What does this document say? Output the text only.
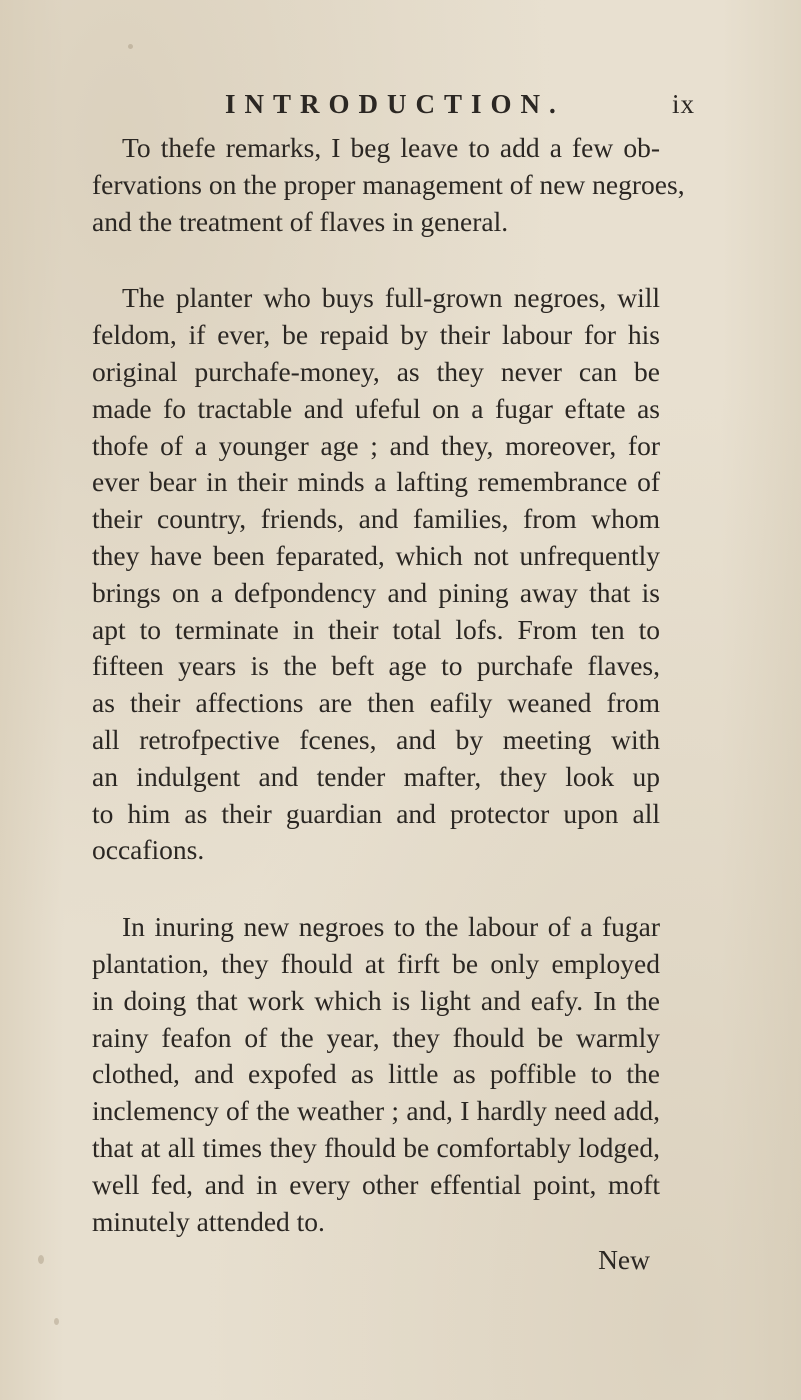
INTRODUCTION.	ix

To thefe remarks, I beg leave to add a few ob-
fervations on the proper management of new negroes,
and the treatment of flaves in general.

The planter who buys full-grown negroes, will
feldom, if ever, be repaid by their labour for his
original purchafe-money, as they never can be
made fo tractable and ufeful on a fugar eftate as
thofe of a younger age ; and they, moreover, for
ever bear in their minds a lafting remembrance of
their country, friends, and families, from whom
they have been feparated, which not unfrequently
brings on a defpondency and pining away that is
apt to terminate in their total lofs. From ten to
fifteen years is the beft age to purchafe flaves,
as their affections are then eafily weaned from
all retrofpective fcenes, and by meeting with
an indulgent and tender mafter, they look up
to him as their guardian and protector upon all
occafions.

In inuring new negroes to the labour of a fugar
plantation, they fhould at firft be only employed
in doing that work which is light and eafy. In the
rainy feafon of the year, they fhould be warmly
clothed, and expofed as little as poffible to the
inclemency of the weather ; and, I hardly need add,
that at all times they fhould be comfortably lodged,
well fed, and in every other effential point, moft
minutely attended to.

New
